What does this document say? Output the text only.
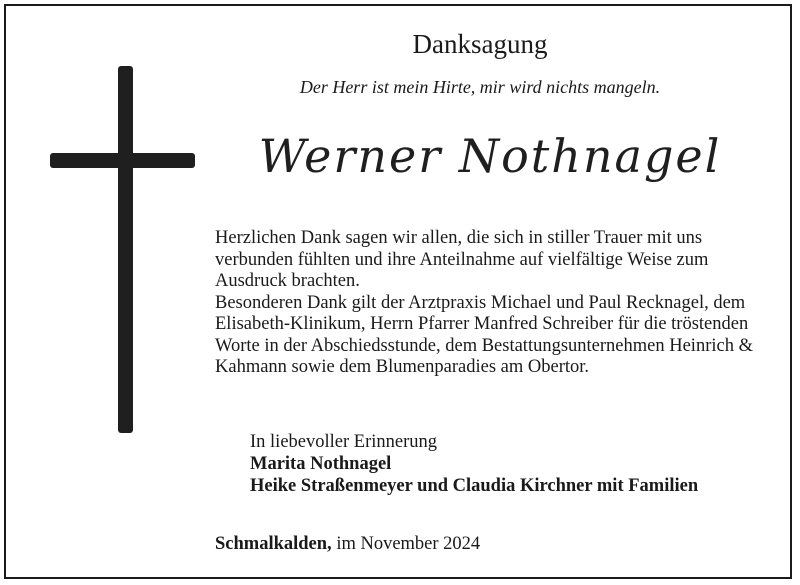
Danksagung
Der Herr ist mein Hirte, mir wird nichts mangeln.
Werner Nothnagel

Herzlichen Dank sagen wir allen, die sich in stiller Trauer mit uns verbunden fühlten und ihre Anteilnahme auf vielfältige Weise zum Ausdruck brachten.

Besonderen Dank gilt der Arztpraxis Michael und Paul Recknagel, dem Elisabeth-Klinikum, Herrn Pfarrer Manfred Schreiber für die tröstenden Worte in der Abschiedsstunde, dem Bestattungsunternehmen Heinrich & Kahmann sowie dem Blumenparadies am Obertor.

In liebevoller Erinnerung
Marita Nothnagel
Heike Straßenmeyer und Claudia Kirchner mit Familien
Schmalkalden, im November 2024
